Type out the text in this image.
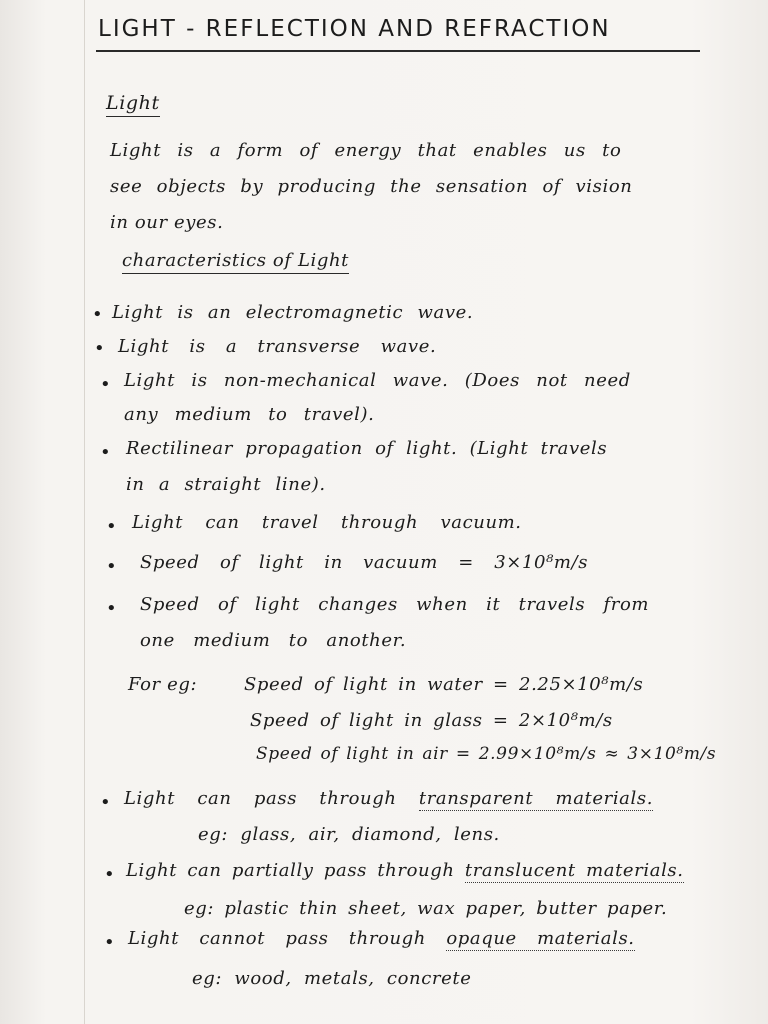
LIGHT - REFLECTION AND REFRACTION
Light
Light is a form of energy that enables us to
see objects by producing the sensation of vision
in our eyes.
characteristics of Light
• Light is an electromagnetic wave.
• Light is a transverse wave.
• Light is non-mechanical wave. (Does not need
any medium to travel).
• Rectilinear propagation of light. (Light travels
in a straight line).
• Light can travel through vacuum.
• Speed of light in vacuum = 3×10⁸m/s
• Speed of light changes when it travels from
one medium to another.
For eg:	Speed of light in water = 2.25×10⁸m/s
Speed of light in glass = 2×10⁸m/s
Speed of light in air = 2.99×10⁸m/s ≈ 3×10⁸m/s
• Light can pass through transparent materials.
eg: glass, air, diamond, lens.
• Light can partially pass through translucent materials.
eg: plastic thin sheet, wax paper, butter paper.
• Light cannot pass through opaque materials.
eg: wood, metals, concrete
